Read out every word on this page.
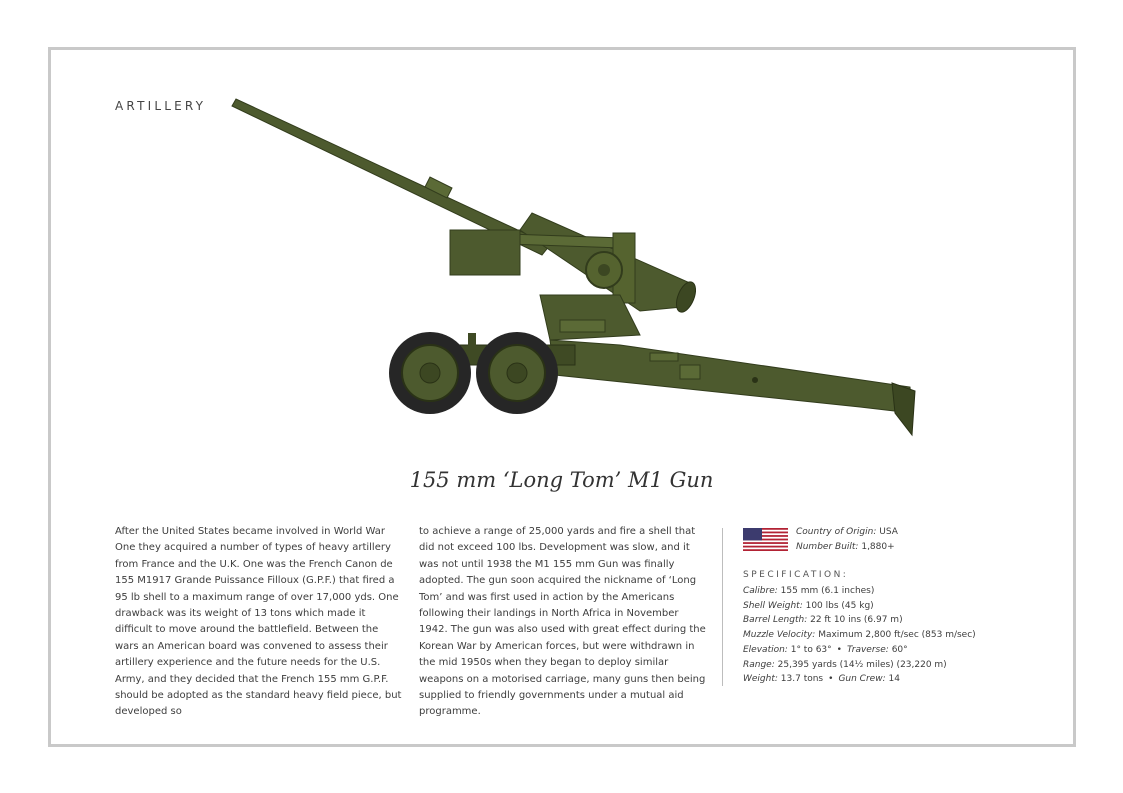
ARTILLERY
155 mm ‘Long Tom’ M1 Gun

After the United States became involved in World War One they acquired a number of types of heavy artillery from France and the U.K. One was the French Canon de 155 M1917 Grande Puissance Filloux (G.P.F.) that fired a 95 lb shell to a maximum range of over 17,000 yds. One drawback was its weight of 13 tons which made it difficult to move around the battlefield. Between the wars an American board was convened to assess their artillery experience and the future needs for the U.S. Army, and they decided that the French 155 mm G.P.F. should be adopted as the standard heavy field piece, but developed so

to achieve a range of 25,000 yards and fire a shell that did not exceed 100 lbs. Development was slow, and it was not until 1938 the M1 155 mm Gun was finally adopted. The gun soon acquired the nickname of ‘Long Tom’ and was first used in action by the Americans following their landings in North Africa in November 1942. The gun was also used with great effect during the Korean War by American forces, but were withdrawn in the mid 1950s when they began to deploy similar weapons on a motorised carriage, many guns then being supplied to friendly governments under a mutual aid programme.

Country of Origin: USA
Number Built: 1,880+
SPECIFICATION:
Calibre: 155 mm (6.1 inches)
Shell Weight: 100 lbs (45 kg)
Barrel Length: 22 ft 10 ins (6.97 m)
Muzzle Velocity: Maximum 2,800 ft/sec (853 m/sec)
Elevation: 1° to 63° • Traverse: 60°
Range: 25,395 yards (14½ miles) (23,220 m)
Weight: 13.7 tons • Gun Crew: 14
